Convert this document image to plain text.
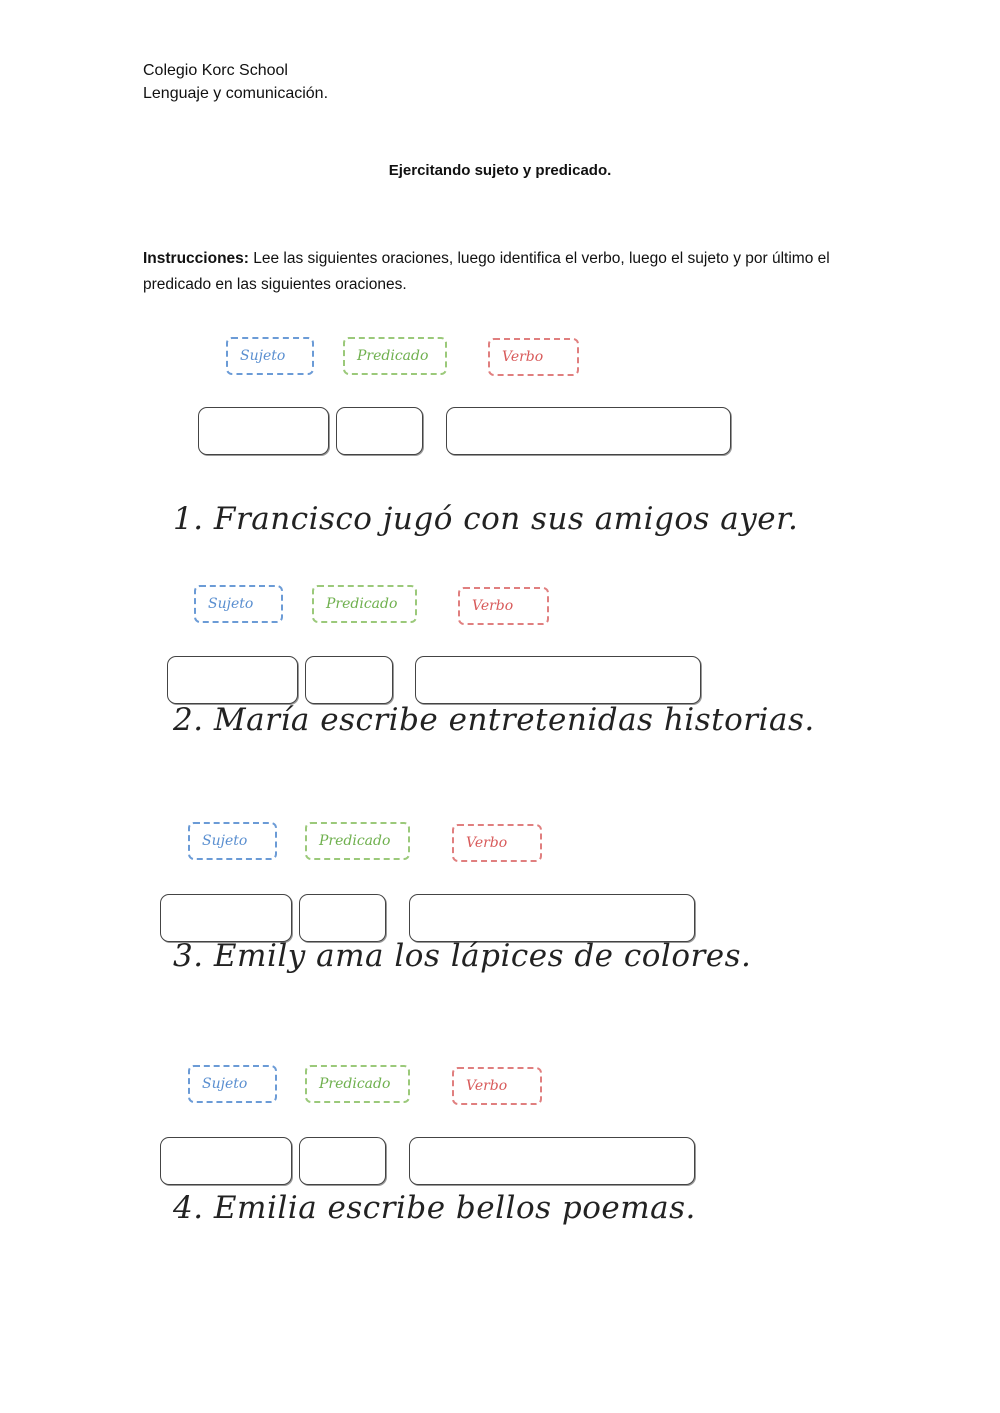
Colegio Korc School
Lenguaje y comunicación.
Ejercitando sujeto y predicado.
Instrucciones: Lee las siguientes oraciones, luego identifica el verbo, luego el sujeto y por último el predicado en las siguientes oraciones.
Sujeto	Predicado	Verbo
1. Francisco jugó con sus amigos ayer.
Sujeto	Predicado	Verbo
2. María escribe entretenidas historias.
Sujeto	Predicado	Verbo
3. Emily ama los lápices de colores.
Sujeto	Predicado	Verbo
4. Emilia escribe bellos poemas.
